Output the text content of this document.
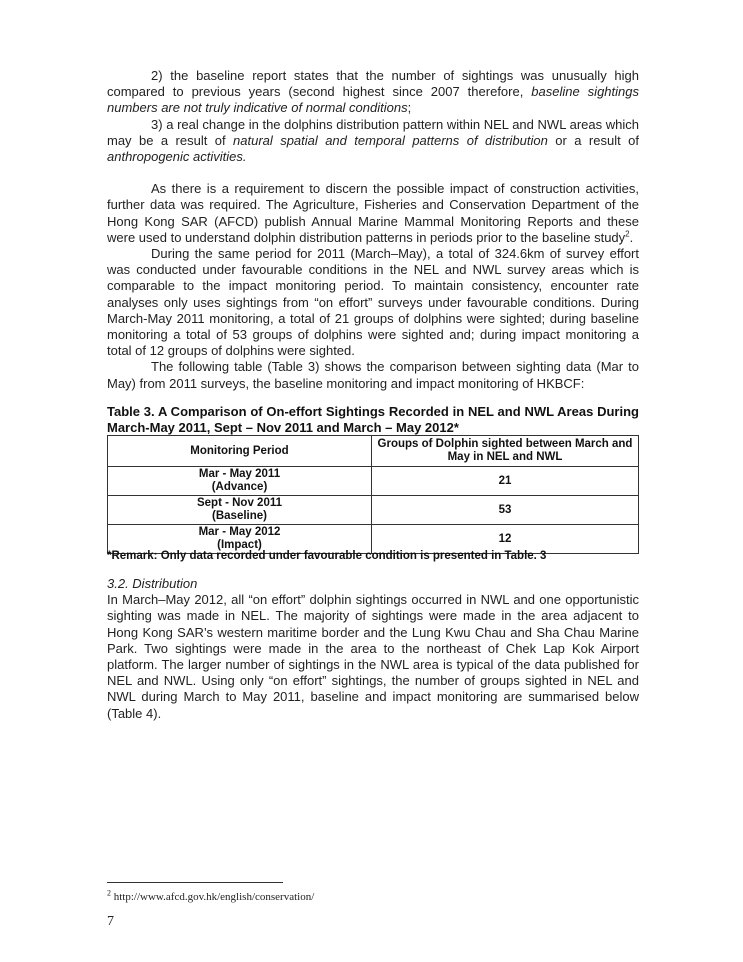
2) the baseline report states that the number of sightings was unusually high compared to previous years (second highest since 2007 therefore, baseline sightings numbers are not truly indicative of normal conditions;

3) a real change in the dolphins distribution pattern within NEL and NWL areas which may be a result of natural spatial and temporal patterns of distribution or a result of anthropogenic activities.

As there is a requirement to discern the possible impact of construction activities, further data was required. The Agriculture, Fisheries and Conservation Department of the Hong Kong SAR (AFCD) publish Annual Marine Mammal Monitoring Reports and these were used to understand dolphin distribution patterns in periods prior to the baseline study$^2$.

During the same period for 2011 (March–May), a total of 324.6km of survey effort was conducted under favourable conditions in the NEL and NWL survey areas which is comparable to the impact monitoring period. To maintain consistency, encounter rate analyses only uses sightings from “on effort” surveys under favourable conditions. During March-May 2011 monitoring, a total of 21 groups of dolphins were sighted; during baseline monitoring a total of 53 groups of dolphins were sighted and; during impact monitoring a total of 12 groups of dolphins were sighted.

The following table (Table 3) shows the comparison between sighting data (Mar to May) from 2011 surveys, the baseline monitoring and impact monitoring of HKBCF:

Table 3. A Comparison of On-effort Sightings Recorded in NEL and NWL Areas During March-May 2011, Sept – Nov 2011 and March – May 2012*
Monitoring Period	Groups of Dolphin sighted between March and May in NEL and NWL
Mar - May 2011
(Advance)	21
Sept - Nov 2011
(Baseline)	53
Mar - May 2012
(Impact)	12
*Remark: Only data recorded under favourable condition is presented in Table. 3

3.2. Distribution

In March–May 2012, all “on effort” dolphin sightings occurred in NWL and one opportunistic sighting was made in NEL. The majority of sightings were made in the area adjacent to Hong Kong SAR’s western maritime border and the Lung Kwu Chau and Sha Chau Marine Park. Two sightings were made in the area to the northeast of Chek Lap Kok Airport platform. The larger number of sightings in the NWL area is typical of the data published for NEL and NWL. Using only “on effort” sightings, the number of groups sighted in NEL and NWL during March to May 2011, baseline and impact monitoring are summarised below (Table 4).

$^2$ http://www.afcd.gov.hk/english/conservation/
7
